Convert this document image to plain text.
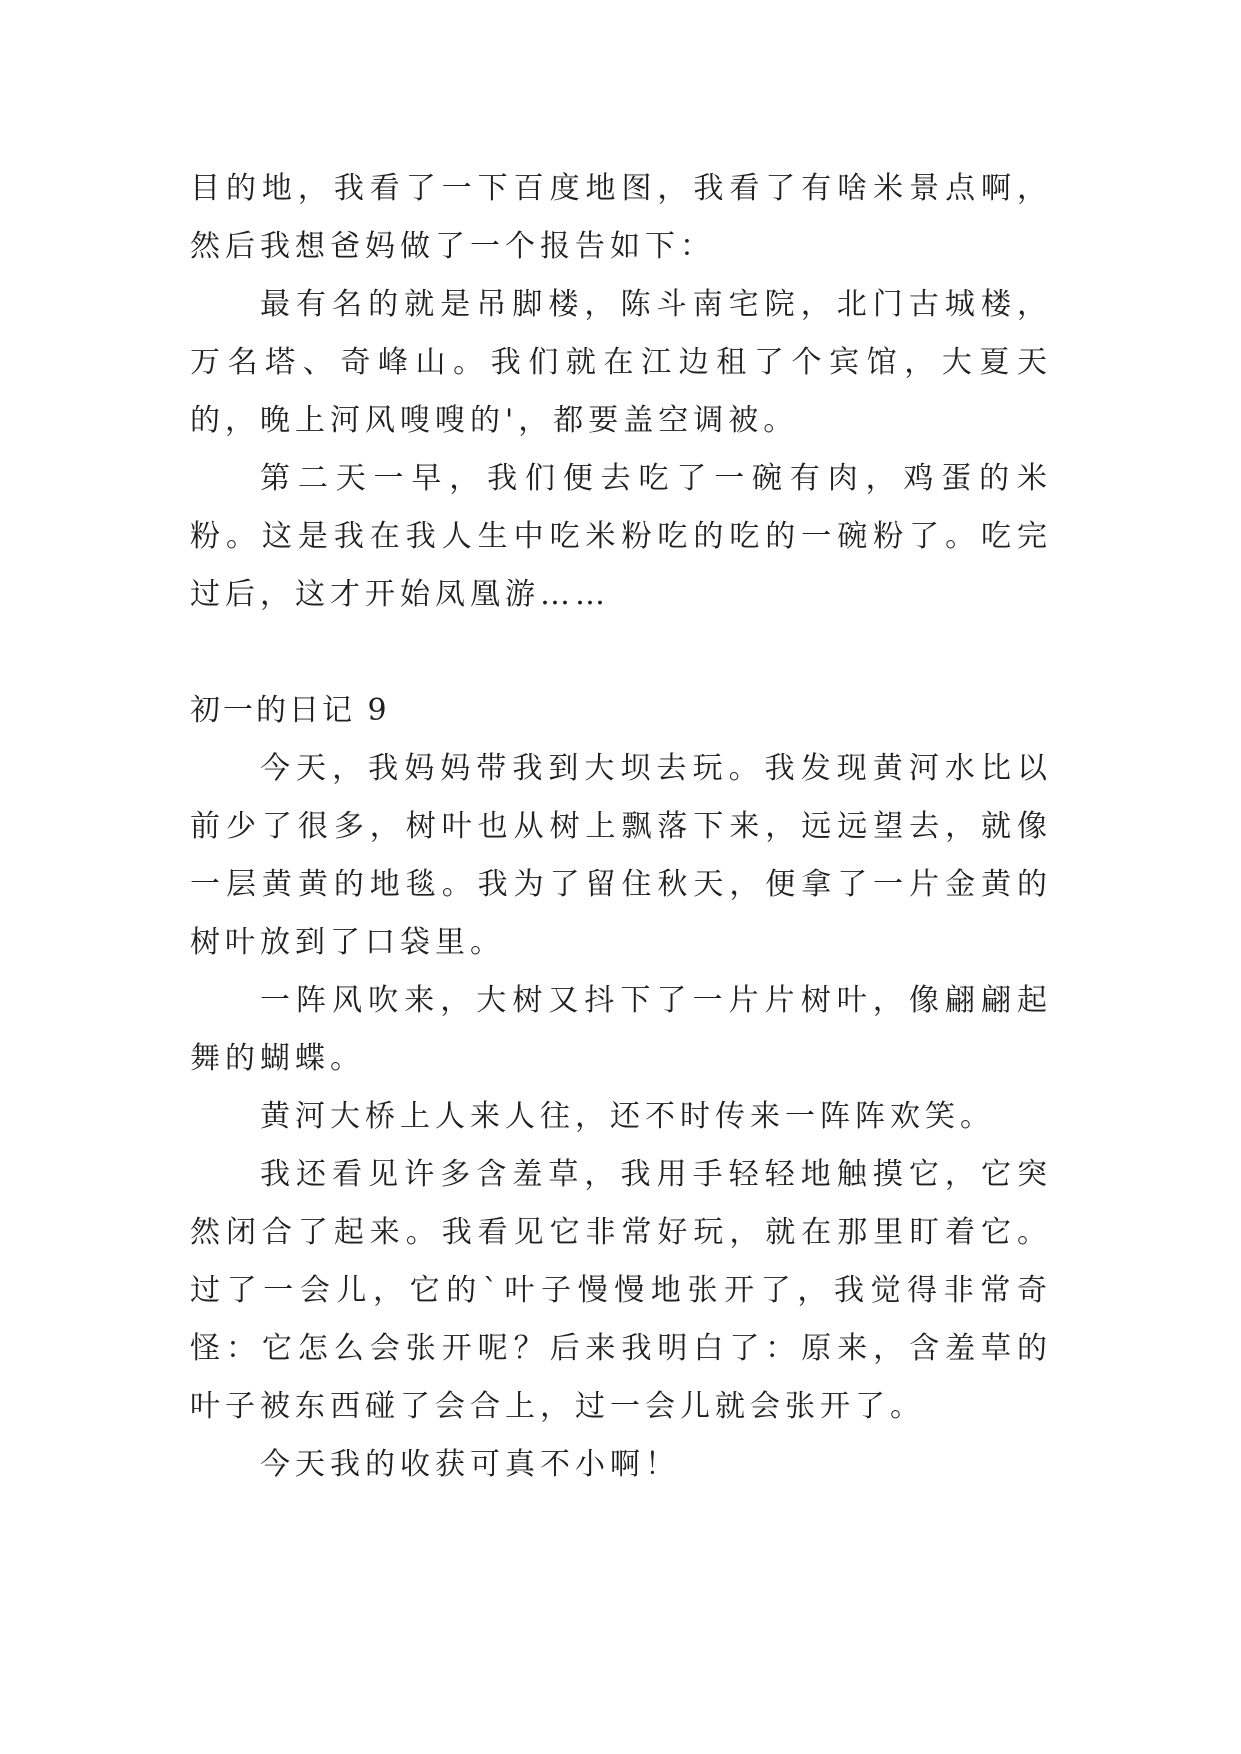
目的地，我看了一下百度地图，我看了有啥米景点啊，然后我想爸妈做了一个报告如下：

最有名的就是吊脚楼，陈斗南宅院，北门古城楼，万名塔、奇峰山。我们就在江边租了个宾馆，大夏天的，晚上河风嗖嗖的'，都要盖空调被。

第二天一早，我们便去吃了一碗有肉，鸡蛋的米粉。这是我在我人生中吃米粉吃的吃的一碗粉了。吃完过后，这才开始凤凰游……

初一的日记 9

今天，我妈妈带我到大坝去玩。我发现黄河水比以前少了很多，树叶也从树上飘落下来，远远望去，就像一层黄黄的地毯。我为了留住秋天，便拿了一片金黄的树叶放到了口袋里。

一阵风吹来，大树又抖下了一片片树叶，像翩翩起舞的蝴蝶。

黄河大桥上人来人往，还不时传来一阵阵欢笑。

我还看见许多含羞草，我用手轻轻地触摸它，它突然闭合了起来。我看见它非常好玩，就在那里盯着它。过了一会儿，它的`叶子慢慢地张开了，我觉得非常奇怪：它怎么会张开呢？后来我明白了：原来，含羞草的叶子被东西碰了会合上，过一会儿就会张开了。

今天我的收获可真不小啊！
